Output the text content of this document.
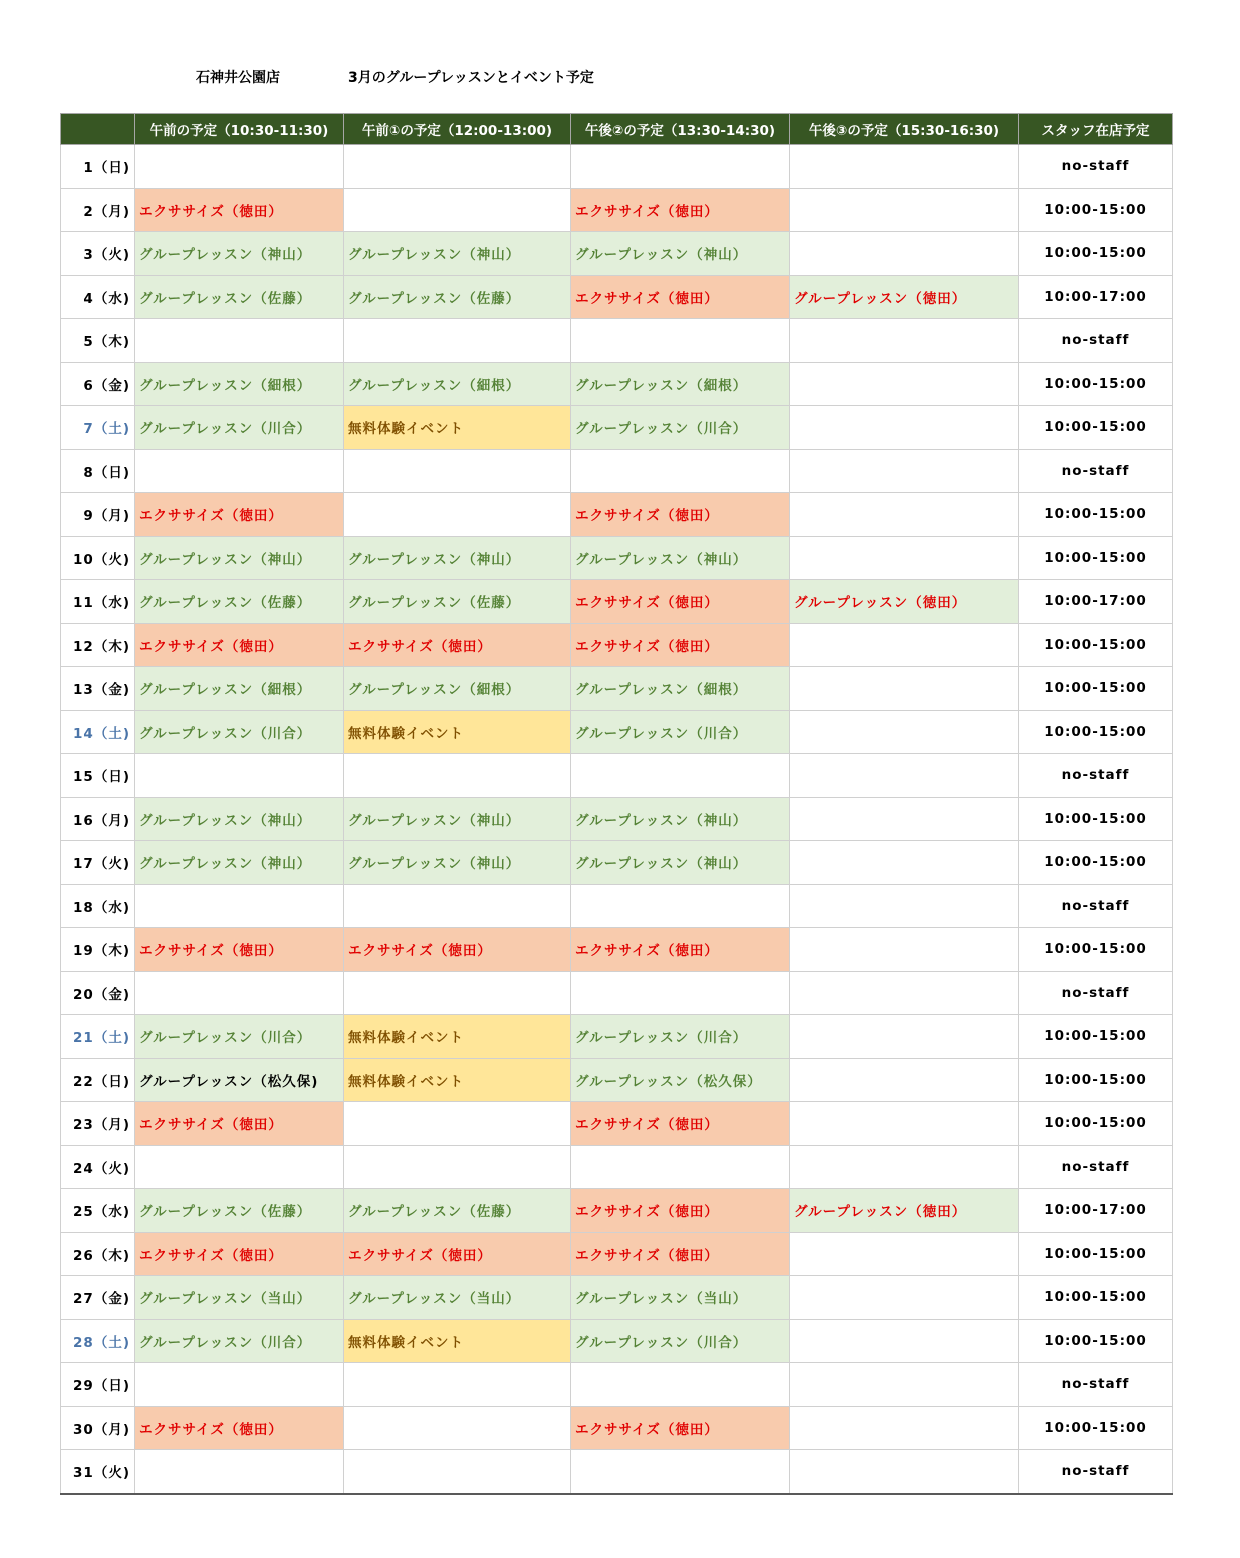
石神井公園店	3月のグループレッスンとイベント予定
	午前の予定（10:30-11:30)	午前①の予定（12:00-13:00)	午後②の予定（13:30-14:30)	午後③の予定（15:30-16:30)	スタッフ在店予定
1（日)					no-staff
2（月)	エクササイズ（徳田）		エクササイズ（徳田）		10:00-15:00
3（火)	グループレッスン（神山）	グループレッスン（神山）	グループレッスン（神山）		10:00-15:00
4（水)	グループレッスン（佐藤）	グループレッスン（佐藤）	エクササイズ（徳田）	グループレッスン（徳田）	10:00-17:00
5（木)					no-staff
6（金)	グループレッスン（細根）	グループレッスン（細根）	グループレッスン（細根）		10:00-15:00
7（土)	グループレッスン（川合）	無料体験イベント	グループレッスン（川合）		10:00-15:00
8（日)					no-staff
9（月)	エクササイズ（徳田）		エクササイズ（徳田）		10:00-15:00
10（火)	グループレッスン（神山）	グループレッスン（神山）	グループレッスン（神山）		10:00-15:00
11（水)	グループレッスン（佐藤）	グループレッスン（佐藤）	エクササイズ（徳田）	グループレッスン（徳田）	10:00-17:00
12（木)	エクササイズ（徳田）	エクササイズ（徳田）	エクササイズ（徳田）		10:00-15:00
13（金)	グループレッスン（細根）	グループレッスン（細根）	グループレッスン（細根）		10:00-15:00
14（土)	グループレッスン（川合）	無料体験イベント	グループレッスン（川合）		10:00-15:00
15（日)					no-staff
16（月)	グループレッスン（神山）	グループレッスン（神山）	グループレッスン（神山）		10:00-15:00
17（火)	グループレッスン（神山）	グループレッスン（神山）	グループレッスン（神山）		10:00-15:00
18（水)					no-staff
19（木)	エクササイズ（徳田）	エクササイズ（徳田）	エクササイズ（徳田）		10:00-15:00
20（金)					no-staff
21（土)	グループレッスン（川合）	無料体験イベント	グループレッスン（川合）		10:00-15:00
22（日)	グループレッスン（松久保)	無料体験イベント	グループレッスン（松久保）		10:00-15:00
23（月)	エクササイズ（徳田）		エクササイズ（徳田）		10:00-15:00
24（火)					no-staff
25（水)	グループレッスン（佐藤）	グループレッスン（佐藤）	エクササイズ（徳田）	グループレッスン（徳田）	10:00-17:00
26（木)	エクササイズ（徳田）	エクササイズ（徳田）	エクササイズ（徳田）		10:00-15:00
27（金)	グループレッスン（当山）	グループレッスン（当山）	グループレッスン（当山）		10:00-15:00
28（土)	グループレッスン（川合）	無料体験イベント	グループレッスン（川合）		10:00-15:00
29（日)					no-staff
30（月)	エクササイズ（徳田）		エクササイズ（徳田）		10:00-15:00
31（火)					no-staff
